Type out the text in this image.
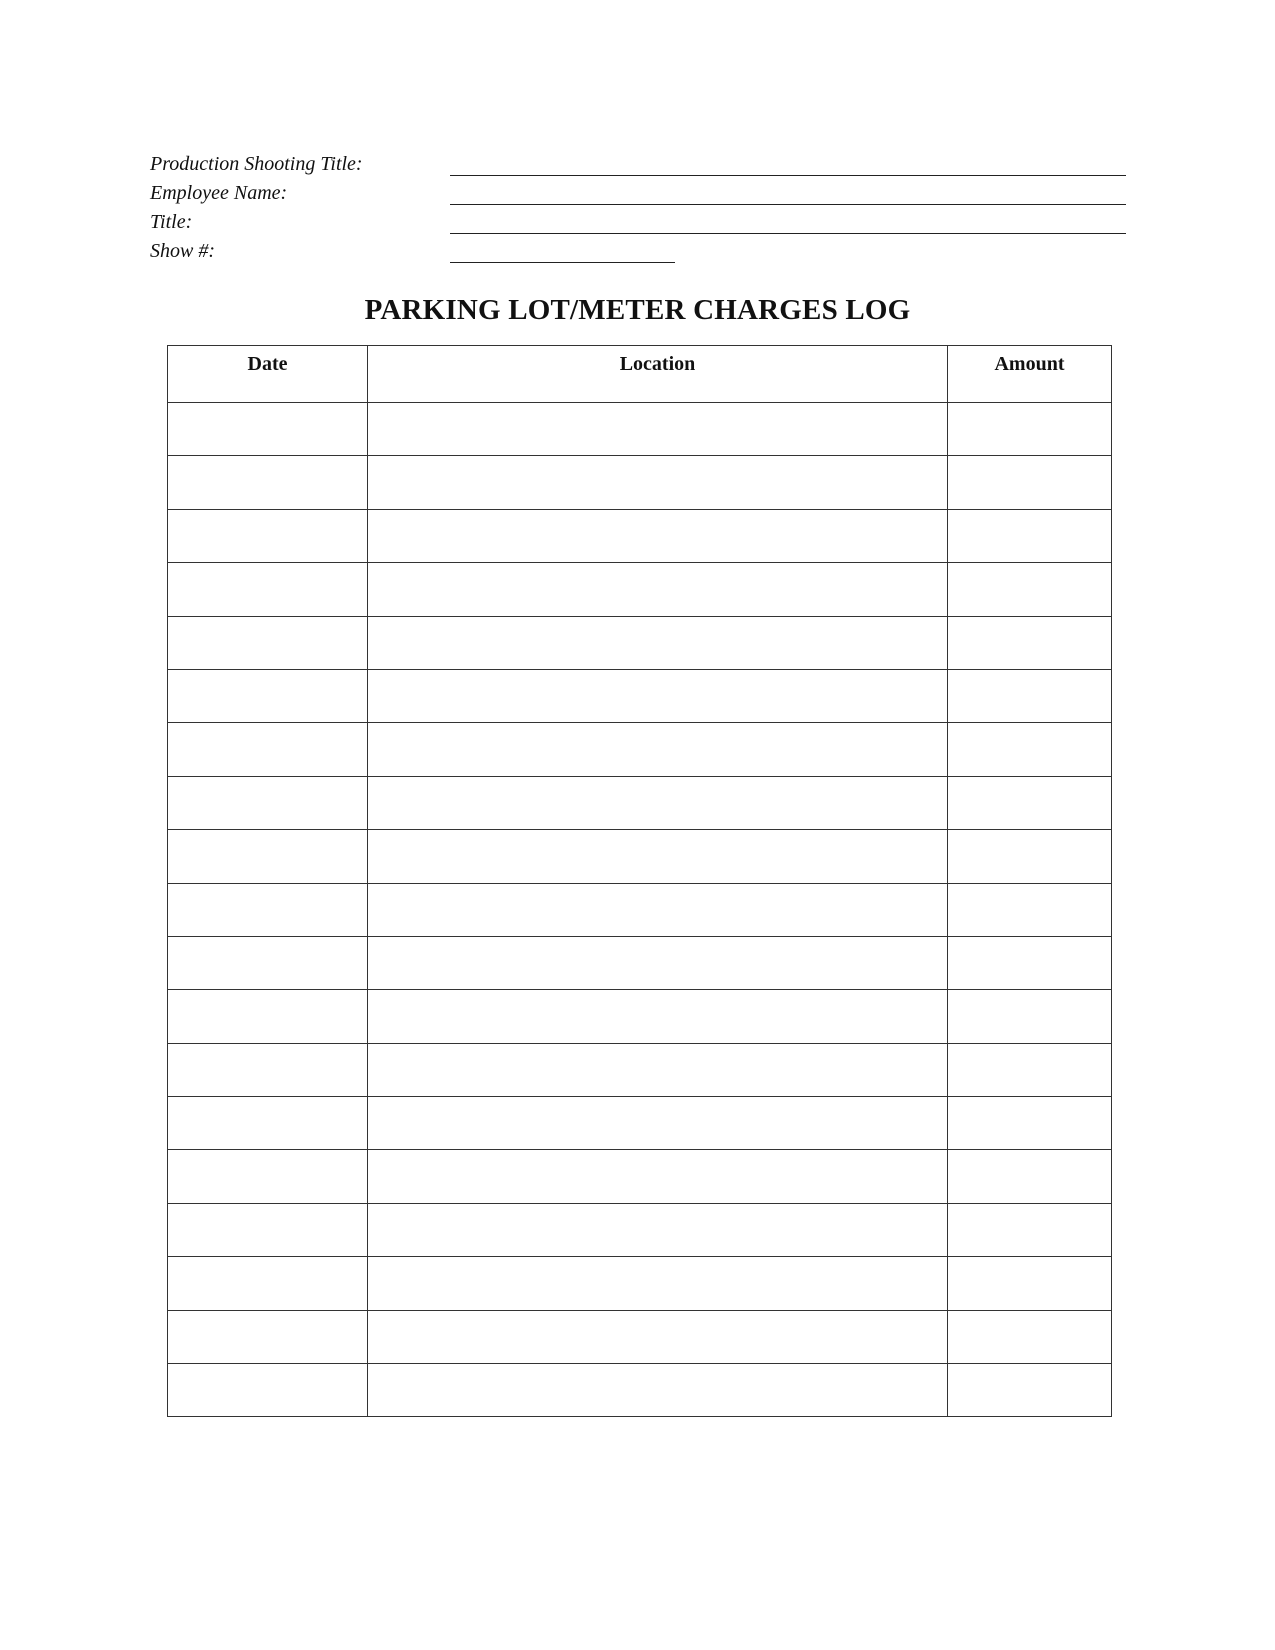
Production Shooting Title:
Employee Name:
Title:
Show #:
PARKING LOT/METER CHARGES LOG
Date	Location	Amount
